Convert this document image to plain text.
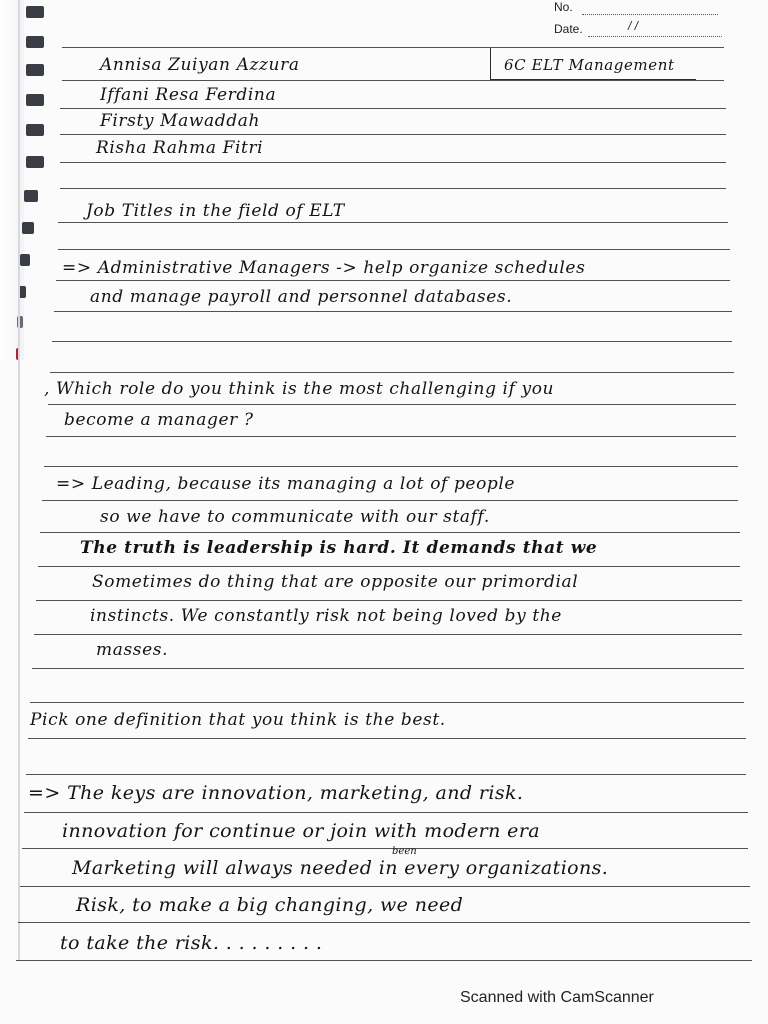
No.
Date.	/ /
Annisa Zuiyan Azzura
Iffani Resa Ferdina
Firsty Mawaddah
Risha Rahma Fitri
6C ELT Management
Job Titles in the field of ELT
=> Administrative Managers -> help organize schedules
and manage payroll and personnel databases.
, Which role do you think is the most challenging if you
become a manager ?
=> Leading, because its managing a lot of people
so we have to communicate with our staff.
The truth is leadership is hard. It demands that we
Sometimes do thing that are opposite our primordial
instincts. We constantly risk not being loved by the
masses.
Pick one definition that you think is the best.
=> The keys are innovation, marketing, and risk.
innovation for continue or join with modern era
been
Marketing will always needed in every organizations.
Risk, to make a big changing, we need
to take the risk. . . . . . . . .
Scanned with CamScanner
